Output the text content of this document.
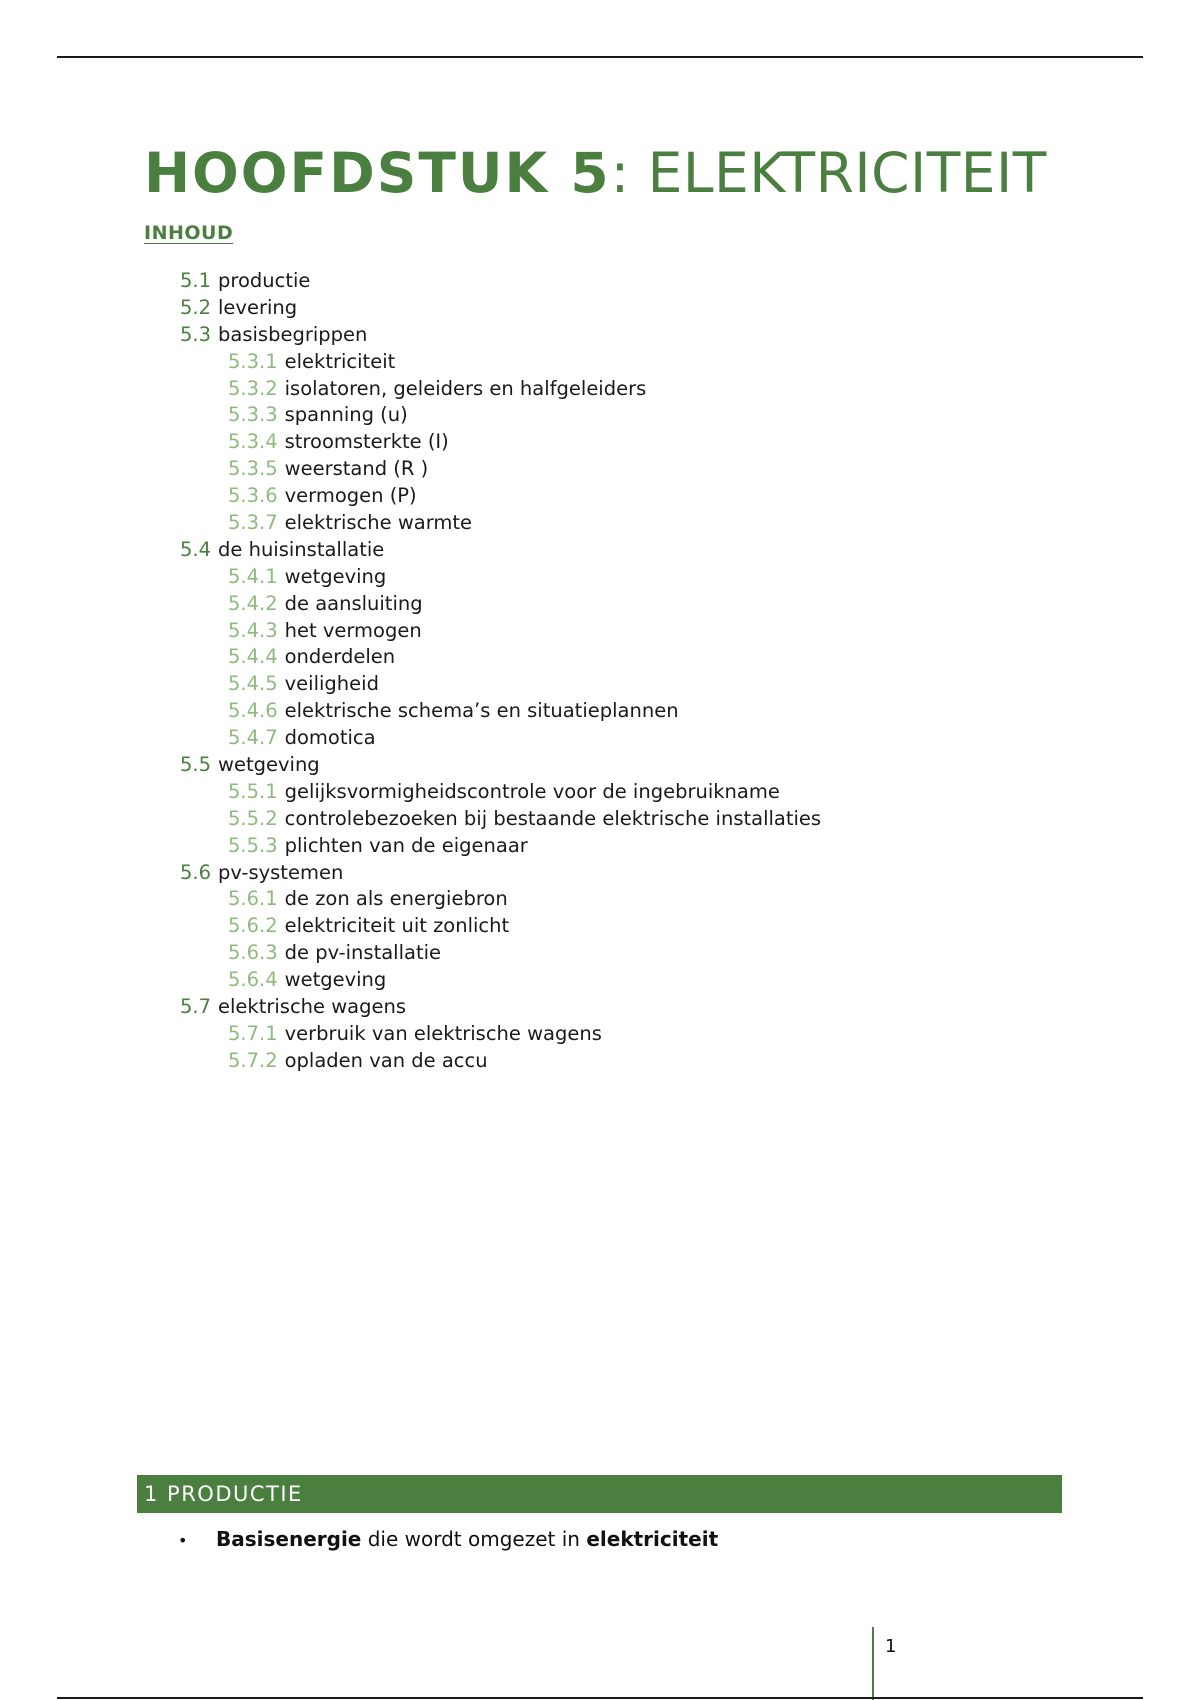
HOOFDSTUK 5: ELEKTRICITEIT
INHOUD
5.1 productie
5.2 levering
5.3 basisbegrippen
5.3.1 elektriciteit
5.3.2 isolatoren, geleiders en halfgeleiders
5.3.3 spanning (u)
5.3.4 stroomsterkte (I)
5.3.5 weerstand (R )
5.3.6 vermogen (P)
5.3.7 elektrische warmte
5.4 de huisinstallatie
5.4.1 wetgeving
5.4.2 de aansluiting
5.4.3 het vermogen
5.4.4 onderdelen
5.4.5 veiligheid
5.4.6 elektrische schema’s en situatieplannen
5.4.7 domotica
5.5 wetgeving
5.5.1 gelijksvormigheidscontrole voor de ingebruikname
5.5.2 controlebezoeken bij bestaande elektrische installaties
5.5.3 plichten van de eigenaar
5.6 pv-systemen
5.6.1 de zon als energiebron
5.6.2 elektriciteit uit zonlicht
5.6.3 de pv-installatie
5.6.4 wetgeving
5.7 elektrische wagens
5.7.1 verbruik van elektrische wagens
5.7.2 opladen van de accu
1 PRODUCTIE
• Basisenergie die wordt omgezet in elektriciteit
1
